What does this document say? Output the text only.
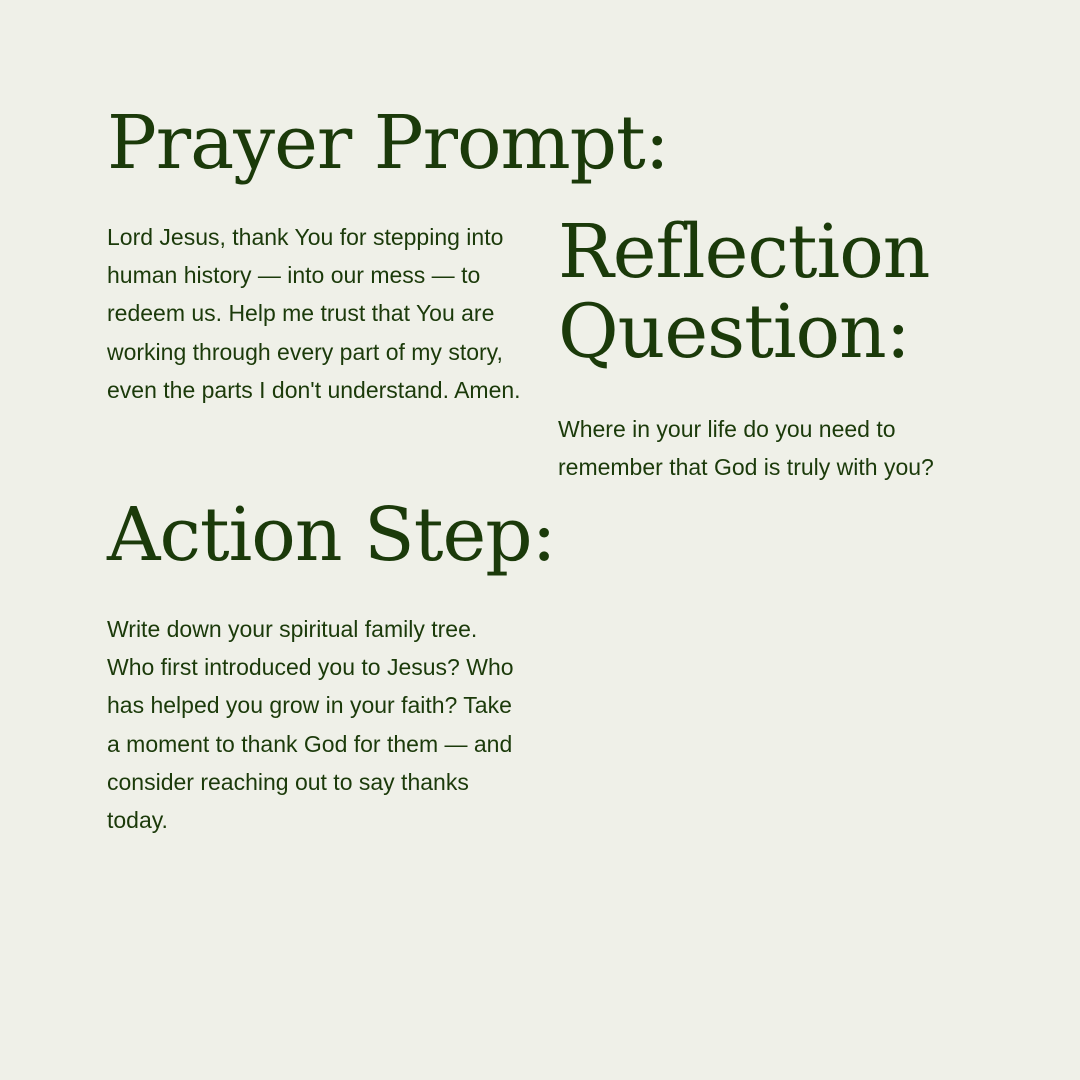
Prayer Prompt:

Lord Jesus, thank You for stepping into human history — into our mess — to redeem us. Help me trust that You are working through every part of my story, even the parts I don't understand. Amen.

Action Step:

Write down your spiritual family tree. Who first introduced you to Jesus? Who has helped you grow in your faith? Take a moment to thank God for them — and consider reaching out to say thanks today.

Reflection Question:

Where in your life do you need to remember that God is truly with you?
